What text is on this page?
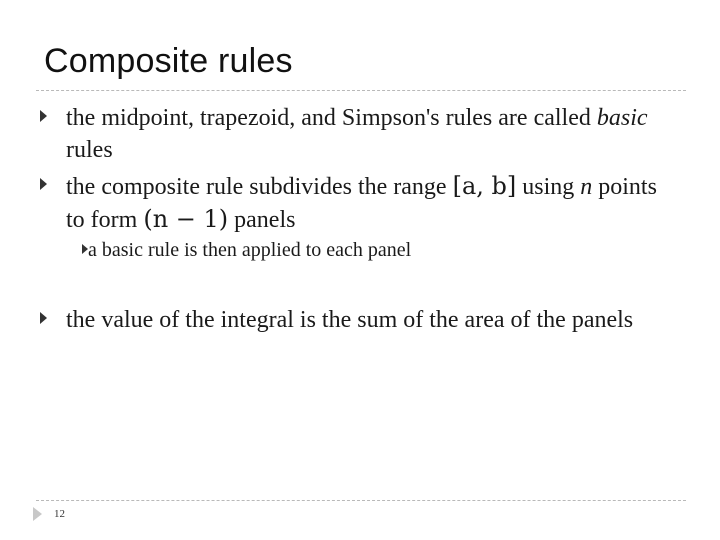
Composite rules
the midpoint, trapezoid, and Simpson's rules are called basic rules
the composite rule subdivides the range [a, b] using n points to form (n − 1) panels
a basic rule is then applied to each panel
the value of the integral is the sum of the area of the panels
12
